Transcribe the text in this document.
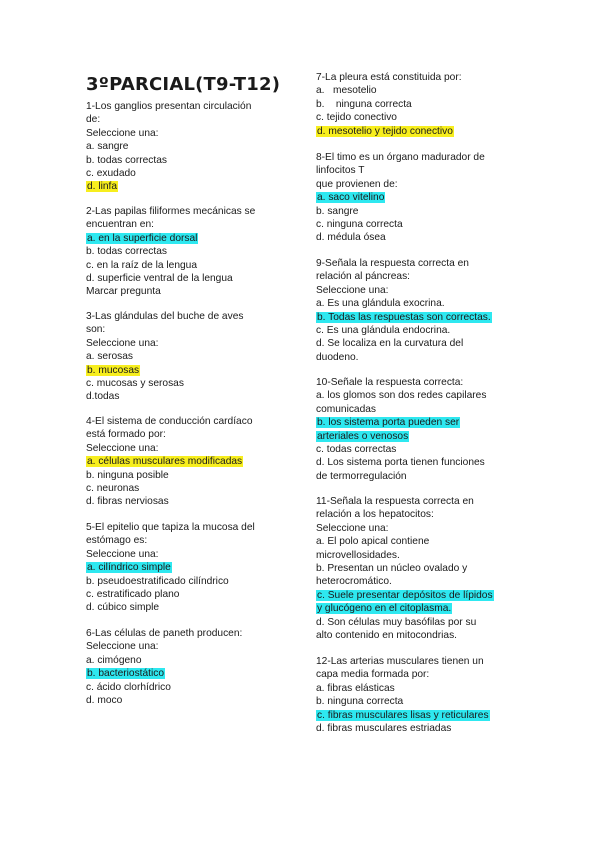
3ºPARCIAL(T9-T12)
1-Los ganglios presentan circulación
de:
Seleccione una:
a. sangre
b. todas correctas
c. exudado
d. linfa
2-Las papilas filiformes mecánicas se
encuentran en:
a. en la superficie dorsal
b. todas correctas
c. en la raíz de la lengua
d. superficie ventral de la lengua
Marcar pregunta
3-Las glándulas del buche de aves
son:
Seleccione una:
a. serosas
b. mucosas
c. mucosas y serosas
d.todas
4-El sistema de conducción cardíaco
está formado por:
Seleccione una:
a. células musculares modificadas
b. ninguna posible
c. neuronas
d. fibras nerviosas
5-El epitelio que tapiza la mucosa del
estómago es:
Seleccione una:
a. cilíndrico simple
b. pseudoestratificado cilíndrico
c. estratificado plano
d. cúbico simple
6-Las células de paneth producen:
Seleccione una:
a. cimógeno
b. bacteriostático
c. ácido clorhídrico
d. moco
7-La pleura está constituida por:
a.   mesotelio
b.    ninguna correcta
c. tejido conectivo
d. mesotelio y tejido conectivo
8-El timo es un órgano madurador de
linfocitos T
que provienen de:
a. saco vitelino
b. sangre
c. ninguna correcta
d. médula ósea
9-Señala la respuesta correcta en
relación al páncreas:
Seleccione una:
a. Es una glándula exocrina.
b. Todas las respuestas son correctas.
c. Es una glándula endocrina.
d. Se localiza en la curvatura del
duodeno.
10-Señale la respuesta correcta:
a. los glomos son dos redes capilares
comunicadas
b. los sistema porta pueden ser
arteriales o venosos
c. todas correctas
d. Los sistema porta tienen funciones
de termorregulación
11-Señala la respuesta correcta en
relación a los hepatocitos:
Seleccione una:
a. El polo apical contiene
microvellosidades.
b. Presentan un núcleo ovalado y
heterocromático.
c. Suele presentar depósitos de lípidos
y glucógeno en el citoplasma.
d. Son células muy basófilas por su
alto contenido en mitocondrias.
12-Las arterias musculares tienen un
capa media formada por:
a. fibras elásticas
b. ninguna correcta
c. fibras musculares lisas y reticulares
d. fibras musculares estriadas
